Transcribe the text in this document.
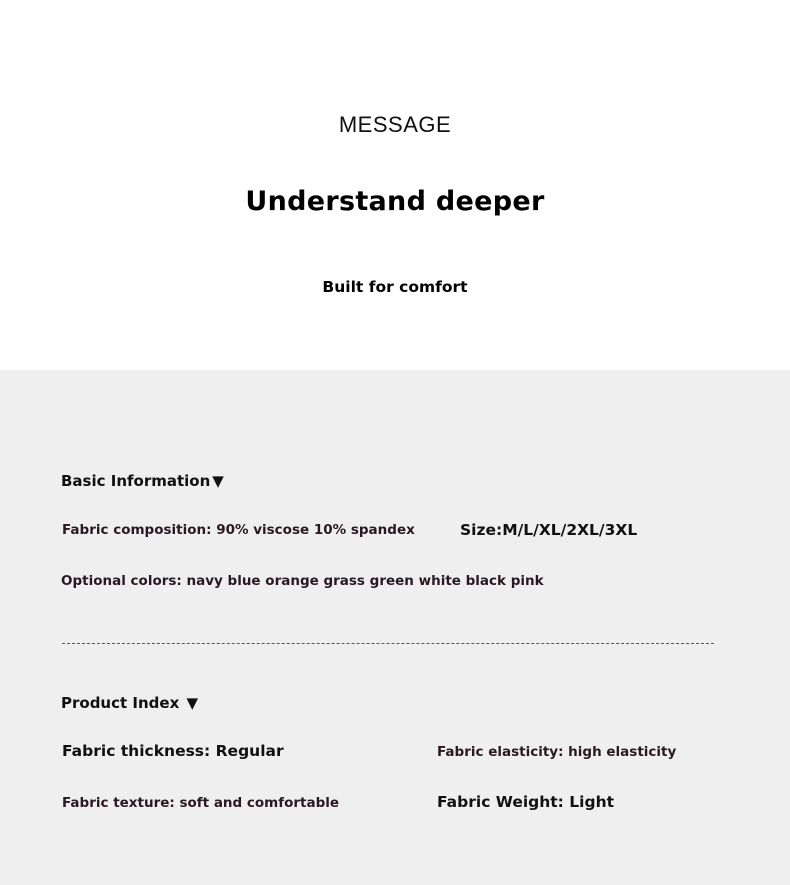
MESSAGE
Understand deeper
Built for comfort
Basic Information ▼
Fabric composition: 90% viscose 10% spandex	Size:M/L/XL/2XL/3XL
Optional colors: navy blue orange grass green white black pink
Product Index ▼
Fabric thickness: Regular	Fabric elasticity: high elasticity
Fabric texture: soft and comfortable	Fabric Weight: Light
